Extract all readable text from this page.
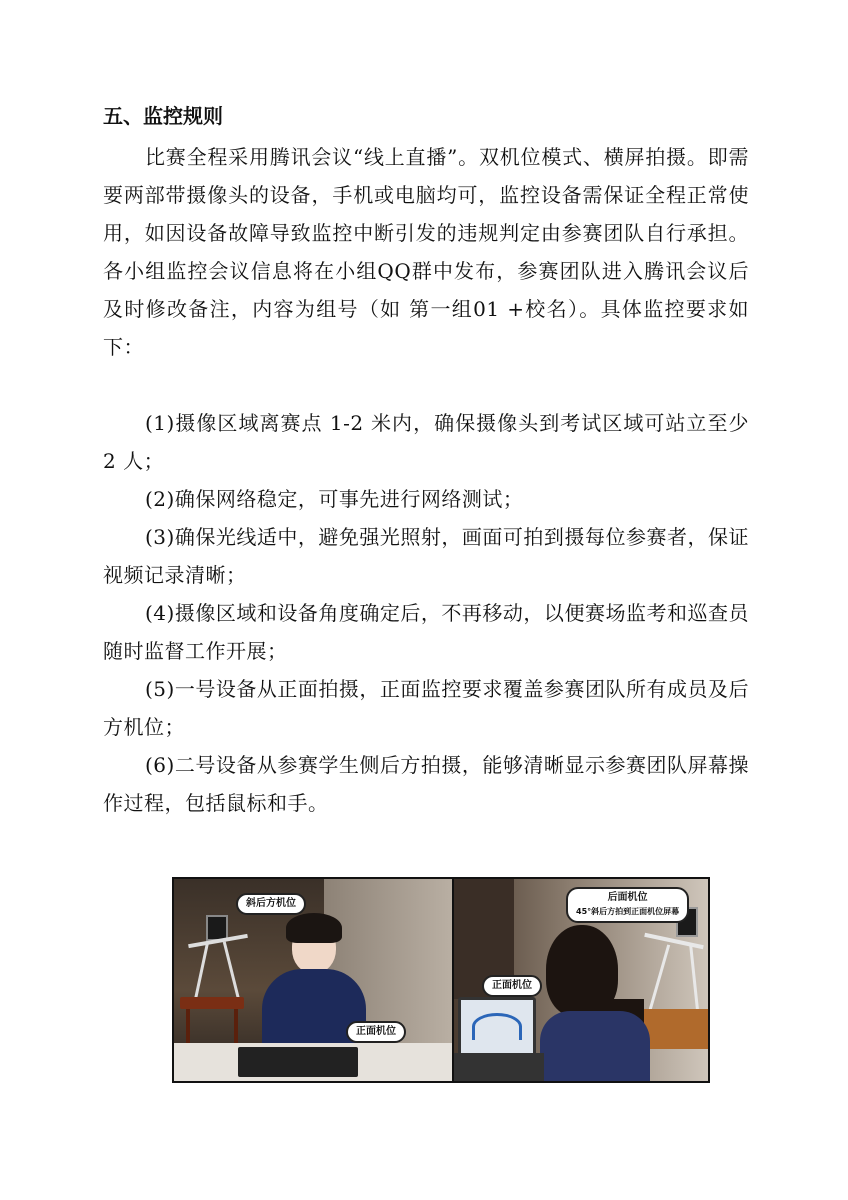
五、监控规则

比赛全程采用腾讯会议“线上直播”。双机位模式、横屏拍摄。即需要两部带摄像头的设备，手机或电脑均可，监控设备需保证全程正常使用，如因设备故障导致监控中断引发的违规判定由参赛团队自行承担。各小组监控会议信息将在小组QQ群中发布，参赛团队进入腾讯会议后及时修改备注，内容为组号（如 第一组01 +校名）。具体监控要求如下：

(1)摄像区域离赛点 1-2 米内，确保摄像头到考试区域可站立至少 2 人；

(2)确保网络稳定，可事先进行网络测试；

(3)确保光线适中，避免强光照射，画面可拍到摄每位参赛者，保证视频记录清晰；

(4)摄像区域和设备角度确定后，不再移动，以便赛场监考和巡查员随时监督工作开展；

(5)一号设备从正面拍摄，正面监控要求覆盖参赛团队所有成员及后方机位；

(6)二号设备从参赛学生侧后方拍摄，能够清晰显示参赛团队屏幕操作过程，包括鼠标和手。

斜后方机位
正面机位
后面机位
45°斜后方拍到正面机位屏幕
正面机位
